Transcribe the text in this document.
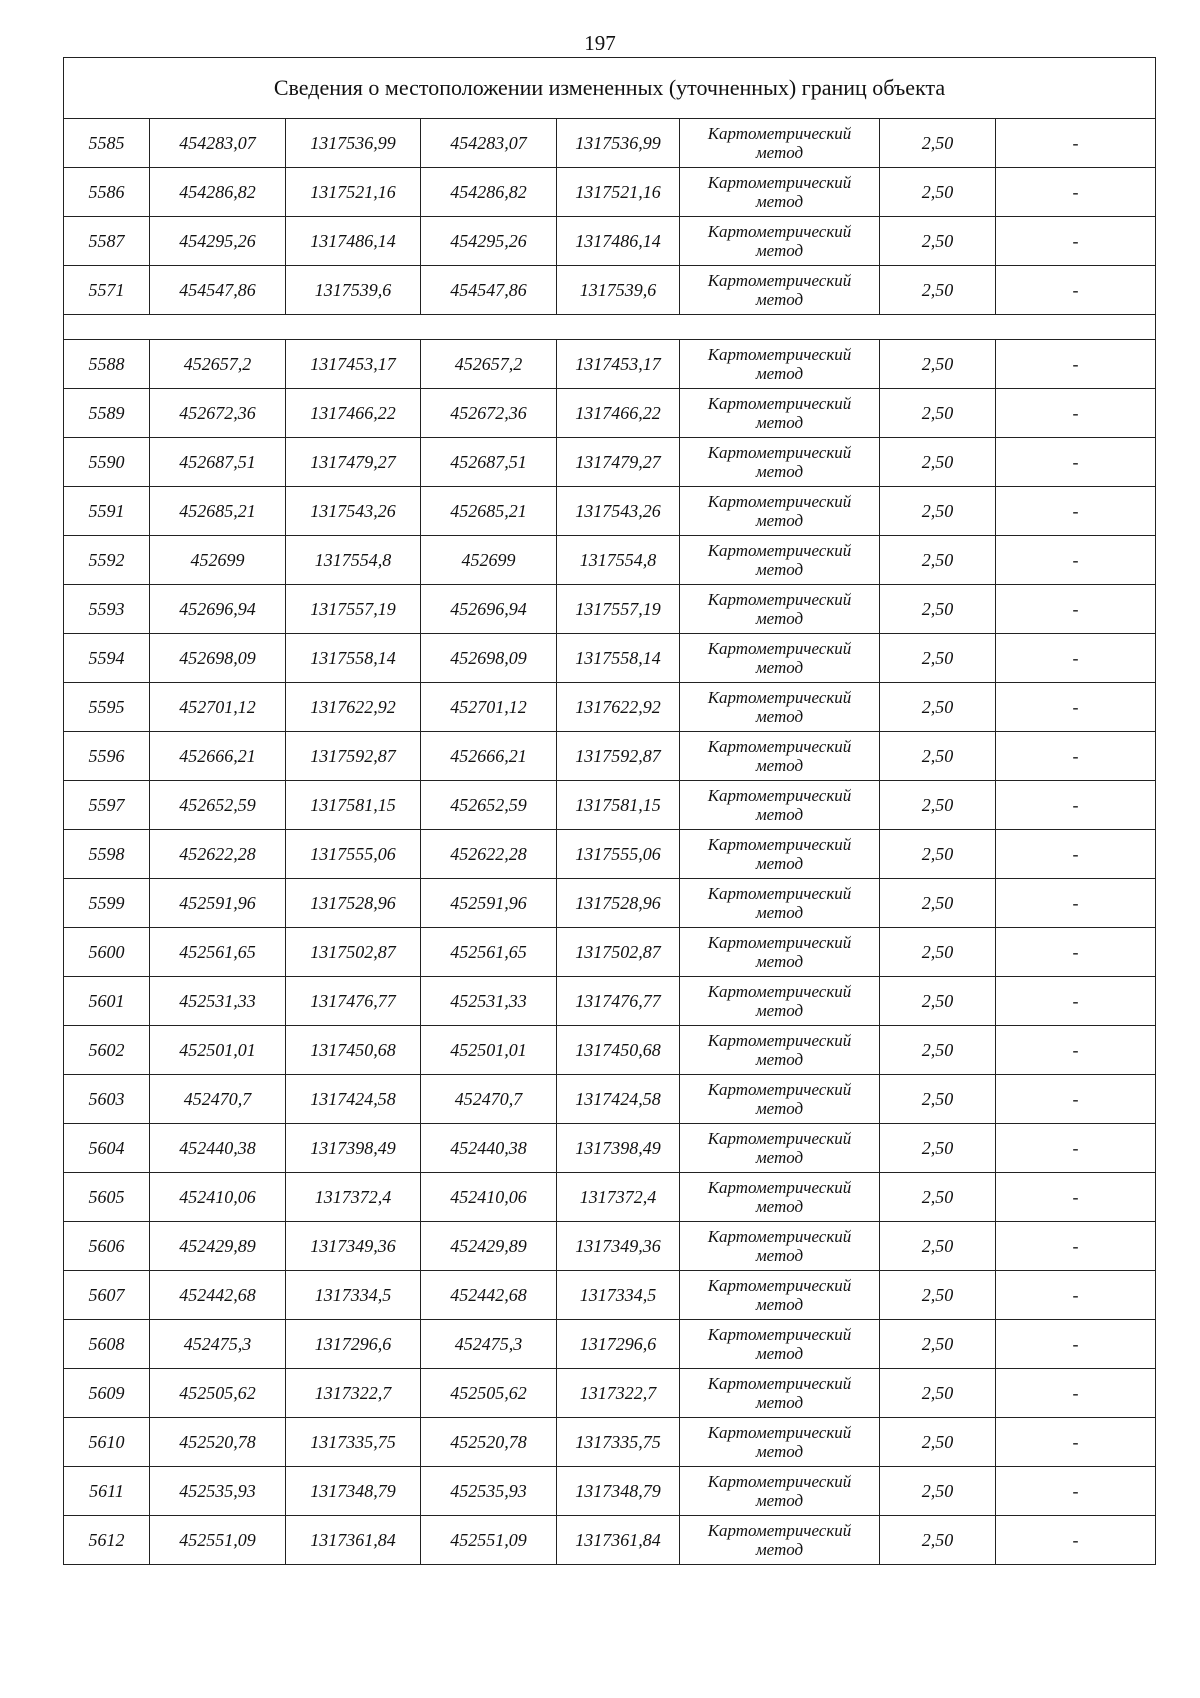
197
Сведения о местоположении измененных (уточненных) границ объекта							
5585	454283,07	1317536,99	454283,07	1317536,99	Картометрический
метод	2,50	-
5586	454286,82	1317521,16	454286,82	1317521,16	Картометрический
метод	2,50	-
5587	454295,26	1317486,14	454295,26	1317486,14	Картометрический
метод	2,50	-
5571	454547,86	1317539,6	454547,86	1317539,6	Картометрический
метод	2,50	-

5588	452657,2	1317453,17	452657,2	1317453,17	Картометрический
метод	2,50	-
5589	452672,36	1317466,22	452672,36	1317466,22	Картометрический
метод	2,50	-
5590	452687,51	1317479,27	452687,51	1317479,27	Картометрический
метод	2,50	-
5591	452685,21	1317543,26	452685,21	1317543,26	Картометрический
метод	2,50	-
5592	452699	1317554,8	452699	1317554,8	Картометрический
метод	2,50	-
5593	452696,94	1317557,19	452696,94	1317557,19	Картометрический
метод	2,50	-
5594	452698,09	1317558,14	452698,09	1317558,14	Картометрический
метод	2,50	-
5595	452701,12	1317622,92	452701,12	1317622,92	Картометрический
метод	2,50	-
5596	452666,21	1317592,87	452666,21	1317592,87	Картометрический
метод	2,50	-
5597	452652,59	1317581,15	452652,59	1317581,15	Картометрический
метод	2,50	-
5598	452622,28	1317555,06	452622,28	1317555,06	Картометрический
метод	2,50	-
5599	452591,96	1317528,96	452591,96	1317528,96	Картометрический
метод	2,50	-
5600	452561,65	1317502,87	452561,65	1317502,87	Картометрический
метод	2,50	-
5601	452531,33	1317476,77	452531,33	1317476,77	Картометрический
метод	2,50	-
5602	452501,01	1317450,68	452501,01	1317450,68	Картометрический
метод	2,50	-
5603	452470,7	1317424,58	452470,7	1317424,58	Картометрический
метод	2,50	-
5604	452440,38	1317398,49	452440,38	1317398,49	Картометрический
метод	2,50	-
5605	452410,06	1317372,4	452410,06	1317372,4	Картометрический
метод	2,50	-
5606	452429,89	1317349,36	452429,89	1317349,36	Картометрический
метод	2,50	-
5607	452442,68	1317334,5	452442,68	1317334,5	Картометрический
метод	2,50	-
5608	452475,3	1317296,6	452475,3	1317296,6	Картометрический
метод	2,50	-
5609	452505,62	1317322,7	452505,62	1317322,7	Картометрический
метод	2,50	-
5610	452520,78	1317335,75	452520,78	1317335,75	Картометрический
метод	2,50	-
5611	452535,93	1317348,79	452535,93	1317348,79	Картометрический
метод	2,50	-
5612	452551,09	1317361,84	452551,09	1317361,84	Картометрический
метод	2,50	-
